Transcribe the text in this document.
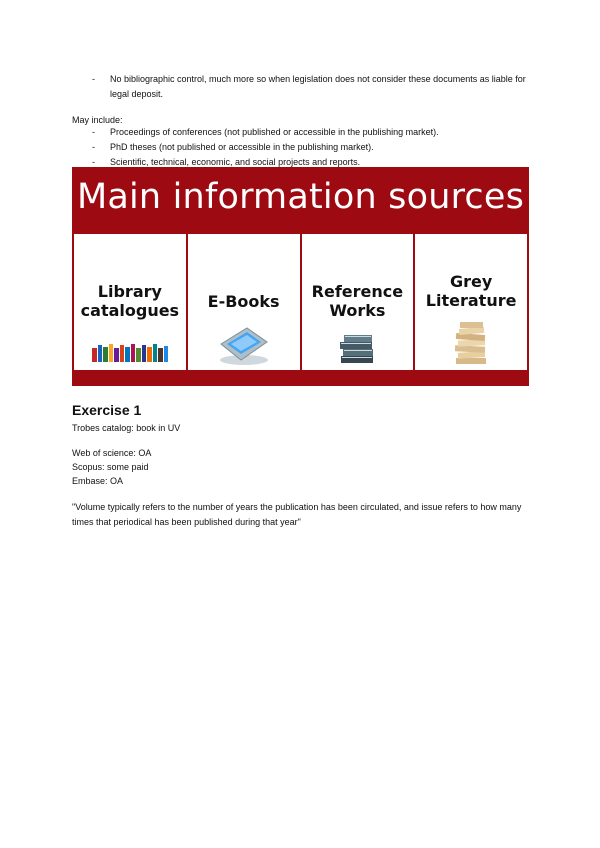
- No bibliographic control, much more so when legislation does not consider these documents as liable for legal deposit.
May include:
- Proceedings of conferences (not published or accessible in the publishing market).
- PhD theses (not published or accessible in the publishing market).
- Scientific, technical, economic, and social projects and reports.
Main information sources
Library catalogues	E-Books
Reference Works
Grey Literature
Exercise 1
Trobes catalog: book in UV
Web of science: OA
Scopus: some paid
Embase: OA
"Volume typically refers to the number of years the publication has been circulated, and issue refers to how many times that periodical has been published during that year"
